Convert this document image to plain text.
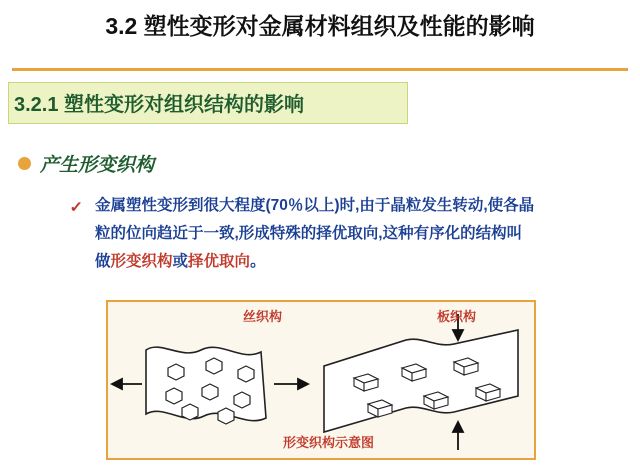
3.2 塑性变形对金属材料组织及性能的影响
3.2.1 塑性变形对组织结构的影响
产生形变织构
✓ 金属塑性变形到很大程度(70％以上)时,由于晶粒发生转动,使各晶
粒的位向趋近于一致,形成特殊的择优取向,这种有序化的结构叫
做形变织构或择优取向。
丝织构	板织构
形变织构示意图
